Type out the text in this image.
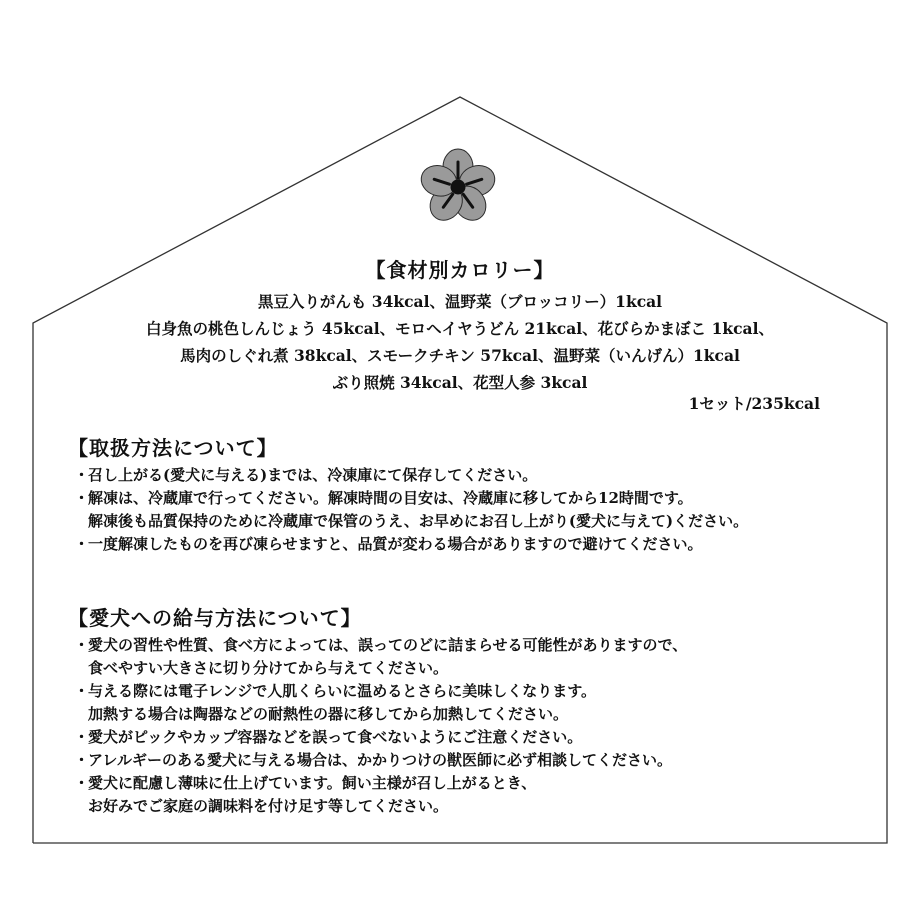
【食材別カロリー】
黒豆入りがんも 34kcal、温野菜（ブロッコリー）1kcal
白身魚の桃色しんじょう 45kcal、モロヘイヤうどん 21kcal、花びらかまぼこ 1kcal、
馬肉のしぐれ煮 38kcal、スモークチキン 57kcal、温野菜（いんげん）1kcal
ぶり照焼 34kcal、花型人参 3kcal
1セット/235kcal
【取扱方法について】
・召し上がる(愛犬に与える)までは、冷凍庫にて保存してください。
・解凍は、冷蔵庫で行ってください。解凍時間の目安は、冷蔵庫に移してから12時間です。
解凍後も品質保持のために冷蔵庫で保管のうえ、お早めにお召し上がり(愛犬に与えて)ください。
・一度解凍したものを再び凍らせますと、品質が変わる場合がありますので避けてください。
【愛犬への給与方法について】
・愛犬の習性や性質、食べ方によっては、誤ってのどに詰まらせる可能性がありますので、
食べやすい大きさに切り分けてから与えてください。
・与える際には電子レンジで人肌くらいに温めるとさらに美味しくなります。
加熱する場合は陶器などの耐熱性の器に移してから加熱してください。
・愛犬がピックやカップ容器などを誤って食べないようにご注意ください。
・アレルギーのある愛犬に与える場合は、かかりつけの獣医師に必ず相談してください。
・愛犬に配慮し薄味に仕上げています。飼い主様が召し上がるとき、
お好みでご家庭の調味料を付け足す等してください。
